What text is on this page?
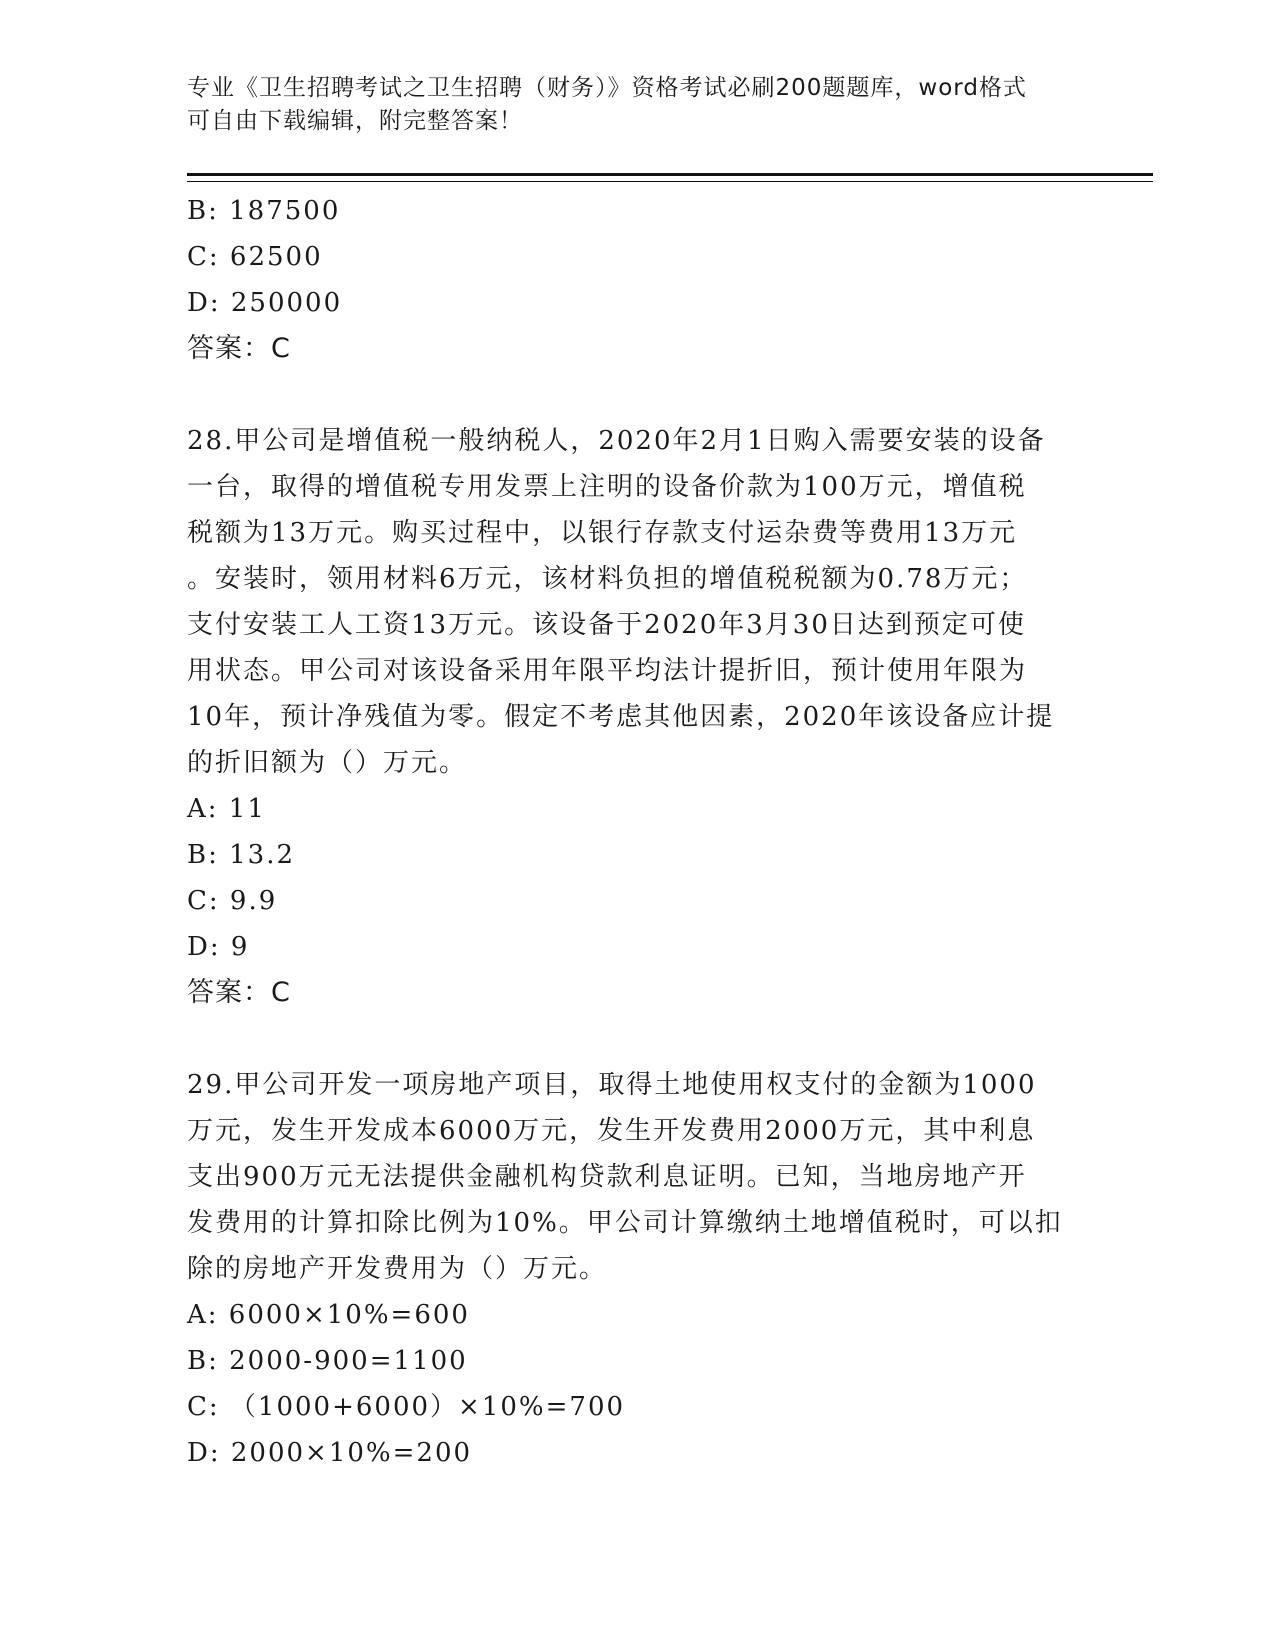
专业《卫生招聘考试之卫生招聘（财务）》资格考试必刷200题题库，word格式
可自由下载编辑，附完整答案！
B: 187500
C: 62500
D: 250000
答案：C
28.甲公司是增值税一般纳税人，2020年2月1日购入需要安装的设备
一台，取得的增值税专用发票上注明的设备价款为100万元，增值税
税额为13万元。购买过程中，以银行存款支付运杂费等费用13万元
。安装时，领用材料6万元，该材料负担的增值税税额为0.78万元；
支付安装工人工资13万元。该设备于2020年3月30日达到预定可使
用状态。甲公司对该设备采用年限平均法计提折旧，预计使用年限为
10年，预计净残值为零。假定不考虑其他因素，2020年该设备应计提
的折旧额为（）万元。
A: 11
B: 13.2
C: 9.9
D: 9
答案：C
29.甲公司开发一项房地产项目，取得土地使用权支付的金额为1000
万元，发生开发成本6000万元，发生开发费用2000万元，其中利息
支出900万元无法提供金融机构贷款利息证明。已知，当地房地产开
发费用的计算扣除比例为10%。甲公司计算缴纳土地增值税时，可以扣
除的房地产开发费用为（）万元。
A: 6000×10%=600
B: 2000-900=1100
C: （1000+6000）×10%=700
D: 2000×10%=200
